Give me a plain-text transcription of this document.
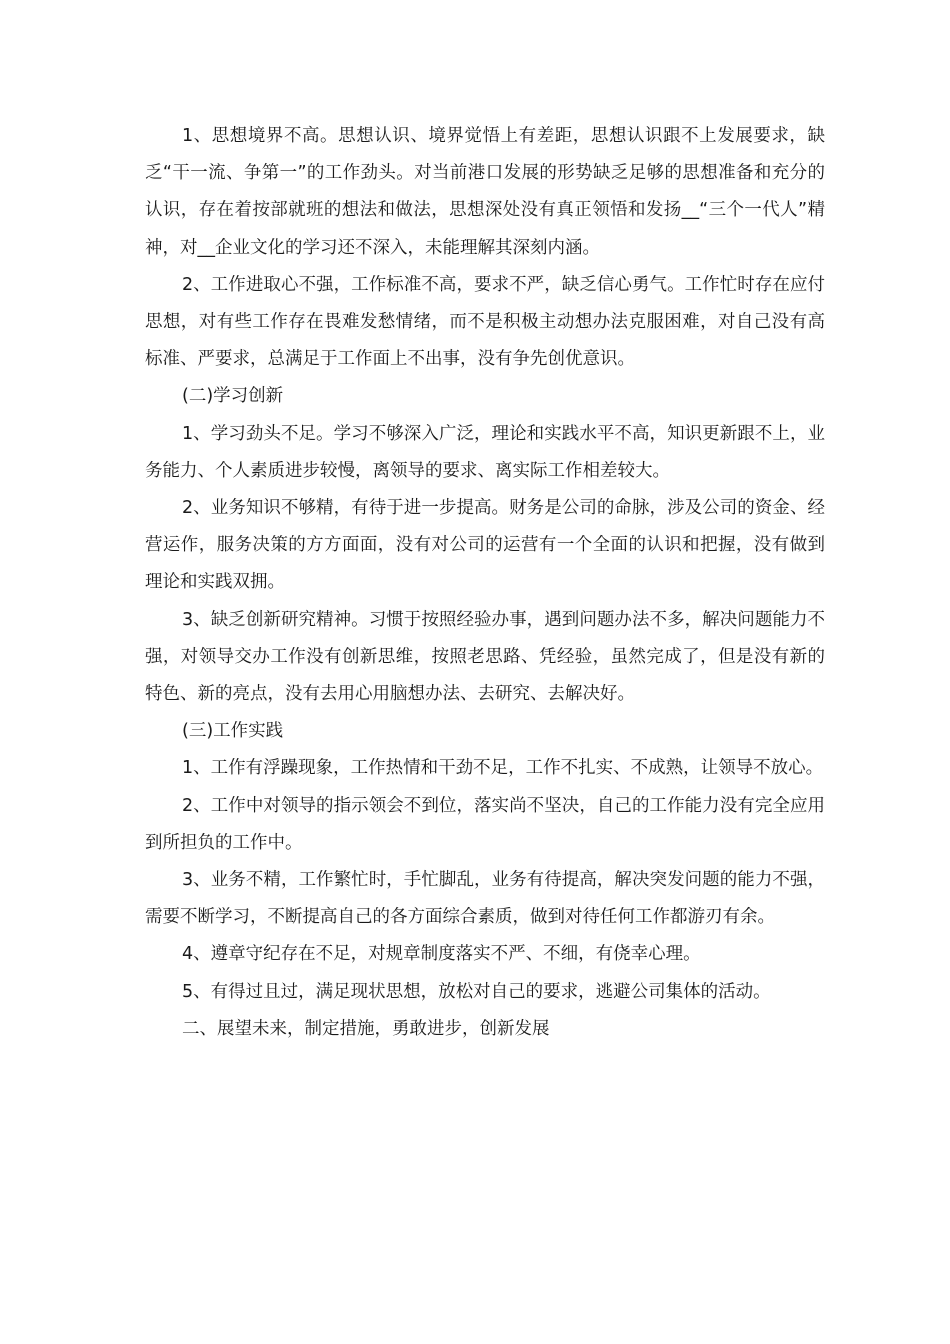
1、思想境界不高。思想认识、境界觉悟上有差距，思想认识跟不上发展要求，缺乏“干一流、争第一”的工作劲头。对当前港口发展的形势缺乏足够的思想准备和充分的认识，存在着按部就班的想法和做法，思想深处没有真正领悟和发扬__“三个一代人”精神，对__企业文化的学习还不深入，未能理解其深刻内涵。

2、工作进取心不强，工作标准不高，要求不严，缺乏信心勇气。工作忙时存在应付思想，对有些工作存在畏难发愁情绪，而不是积极主动想办法克服困难，对自己没有高标准、严要求，总满足于工作面上不出事，没有争先创优意识。

(二)学习创新

1、学习劲头不足。学习不够深入广泛，理论和实践水平不高，知识更新跟不上，业务能力、个人素质进步较慢，离领导的要求、离实际工作相差较大。

2、业务知识不够精，有待于进一步提高。财务是公司的命脉，涉及公司的资金、经营运作，服务决策的方方面面，没有对公司的运营有一个全面的认识和把握，没有做到理论和实践双拥。

3、缺乏创新研究精神。习惯于按照经验办事，遇到问题办法不多，解决问题能力不强，对领导交办工作没有创新思维，按照老思路、凭经验，虽然完成了，但是没有新的特色、新的亮点，没有去用心用脑想办法、去研究、去解决好。

(三)工作实践

1、工作有浮躁现象，工作热情和干劲不足，工作不扎实、不成熟，让领导不放心。

2、工作中对领导的指示领会不到位，落实尚不坚决，自己的工作能力没有完全应用到所担负的工作中。

3、业务不精，工作繁忙时，手忙脚乱，业务有待提高，解决突发问题的能力不强，需要不断学习，不断提高自己的各方面综合素质，做到对待任何工作都游刃有余。

4、遵章守纪存在不足，对规章制度落实不严、不细，有侥幸心理。

5、有得过且过，满足现状思想，放松对自己的要求，逃避公司集体的活动。

二、展望未来，制定措施，勇敢进步，创新发展
